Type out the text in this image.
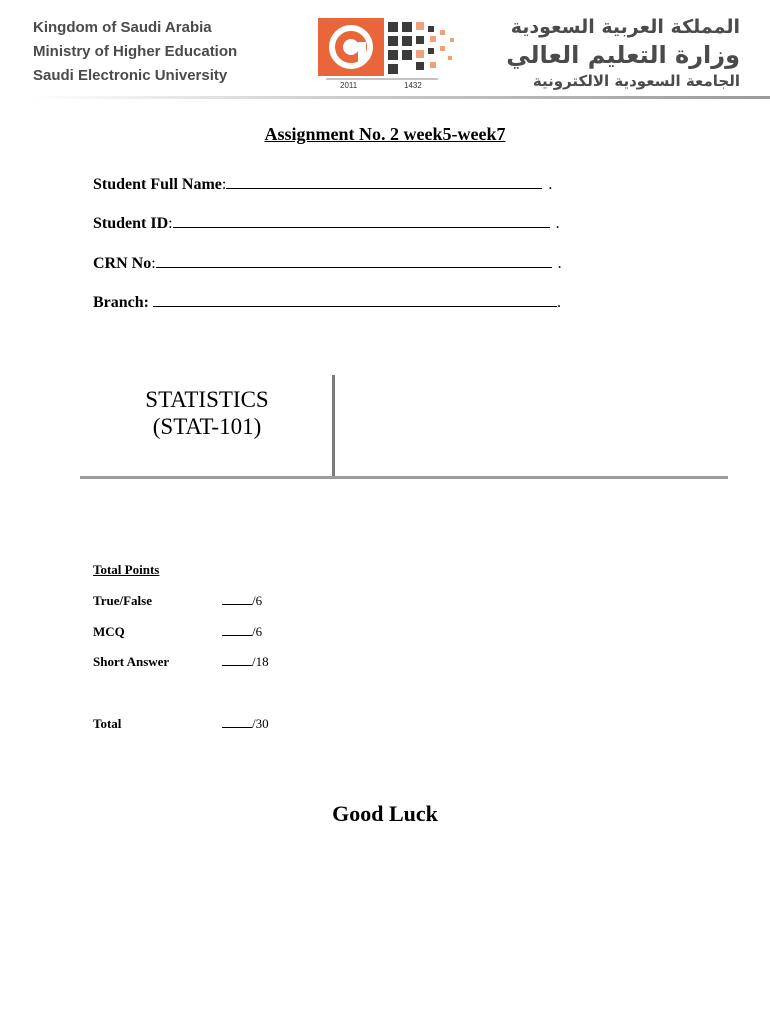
Kingdom of Saudi Arabia
Ministry of Higher Education
Saudi Electronic University
2011	1432
المملكة العربية السعودية
وزارة التعليم العالي
الجامعة السعودية الالكترونية
Assignment No. 2 week5-week7
Student Full Name:	.
Student ID:	.
CRN No:	.
Branch:	.
STATISTICS
(STAT-101)
Total Points
True/False	/6
MCQ	/6
Short Answer	/18
Total	/30
Good Luck
